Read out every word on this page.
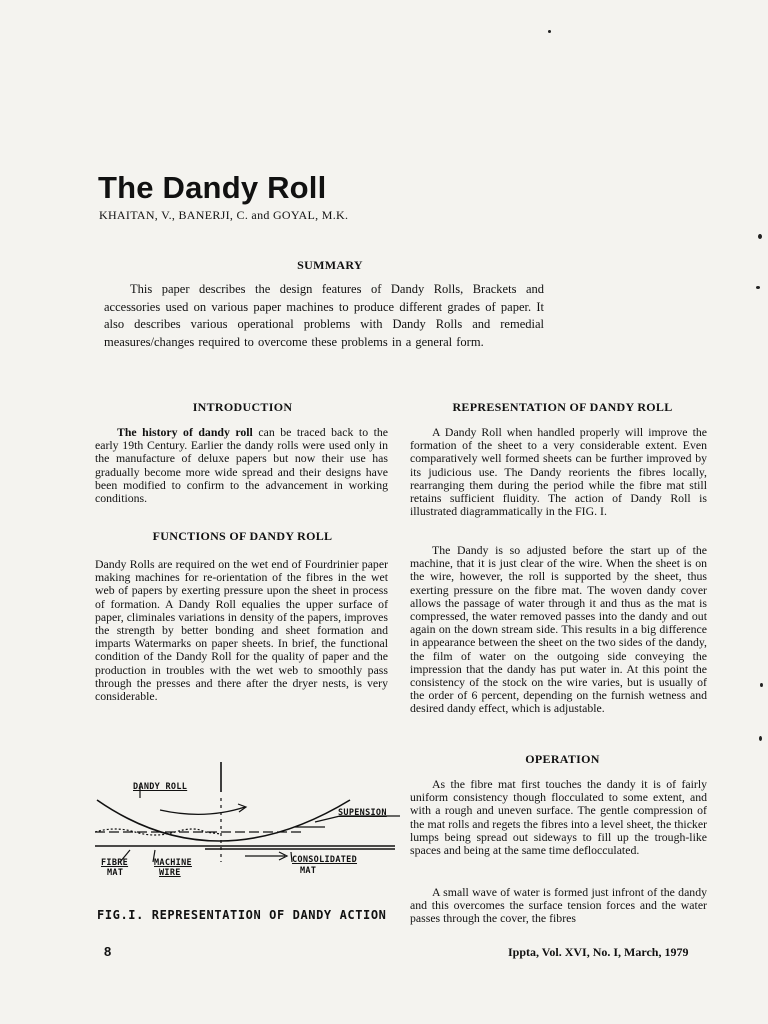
The Dandy Roll
KHAITAN, V., BANERJI, C. and GOYAL, M.K.
SUMMARY
This paper describes the design features of Dandy Rolls, Brackets and accessories used on various paper machines to produce different grades of paper. It also describes various operational problems with Dandy Rolls and remedial measures/changes required to overcome these problems in a general form.
INTRODUCTION

The history of dandy roll can be traced back to the early 19th Century. Earlier the dandy rolls were used only in the manufacture of deluxe papers but now their use has gradually become more wide spread and their designs have been modified to confirm to the advancement in working conditions.

FUNCTIONS OF DANDY ROLL

Dandy Rolls are required on the wet end of Fourdrinier paper making machines for re-orientation of the fibres in the wet web of papers by exerting pressure upon the sheet in process of formation. A Dandy Roll equalies the upper surface of paper, climinales variations in density of the papers, improves the strength by better bonding and sheet formation and imparts Watermarks on paper sheets. In brief, the functional condition of the Dandy Roll for the quality of paper and the production in troubles with the wet web to smoothly pass through the presses and there after the dryer nests, is very considerable.

DANDY ROLL
SUPENSION
FIBRE
MAT
MACHINE
WIRE
CONSOLIDATED
MAT
FIG.I. REPRESENTATION OF DANDY ACTION
REPRESENTATION OF DANDY ROLL

A Dandy Roll when handled properly will improve the formation of the sheet to a very considerable extent. Even comparatively well formed sheets can be further improved by its judicious use. The Dandy reorients the fibres locally, rearranging them during the period while the fibre mat still retains sufficient fluidity. The action of Dandy Roll is illustrated diagrammatically in the FIG. I.

The Dandy is so adjusted before the start up of the machine, that it is just clear of the wire. When the sheet is on the wire, however, the roll is supported by the sheet, thus exerting pressure on the fibre mat. The woven dandy cover allows the passage of water through it and thus as the mat is compressed, the water removed passes into the dandy and out again on the down stream side. This results in a big difference in appearance between the sheet on the two sides of the dandy, the film of water on the outgoing side conveying the impression that the dandy has put water in. At this point the consistency of the stock on the wire varies, but is usually of the order of 6 percent, depending on the furnish wetness and desired dandy effect, which is adjustable.

OPERATION

As the fibre mat first touches the dandy it is of fairly uniform consistency though flocculated to some extent, and with a rough and uneven surface. The gentle compression of the mat rolls and regets the fibres into a level sheet, the thicker lumps being spread out sideways to fill up the trough-like spaces and being at the same time deflocculated.

A small wave of water is formed just infront of the dandy and this overcomes the surface tension forces and the water passes through the cover, the fibres

8	Ippta, Vol. XVI, No. I, March, 1979
